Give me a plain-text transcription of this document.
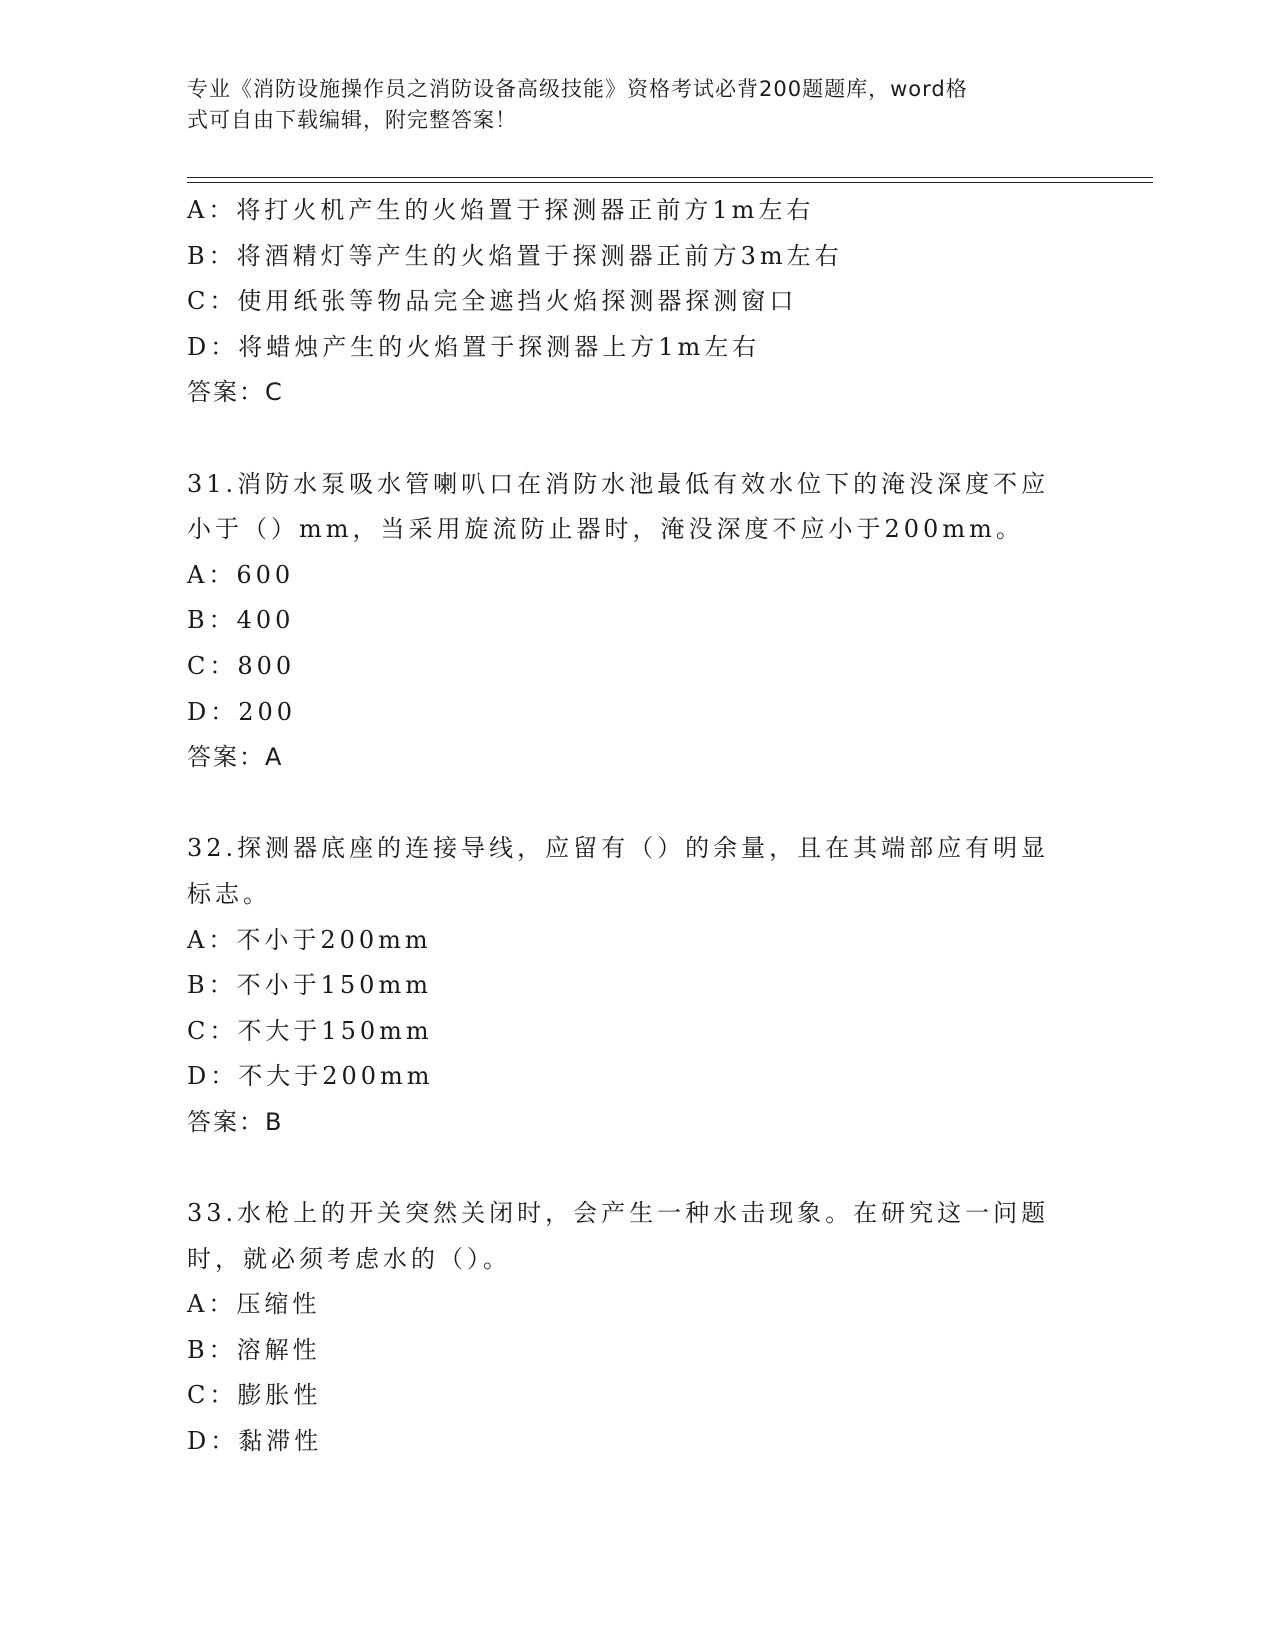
专业《消防设施操作员之消防设备高级技能》资格考试必背200题题库，word格
式可自由下载编辑，附完整答案！
A：将打火机产生的火焰置于探测器正前方1m左右
B：将酒精灯等产生的火焰置于探测器正前方3m左右
C：使用纸张等物品完全遮挡火焰探测器探测窗口
D：将蜡烛产生的火焰置于探测器上方1m左右
答案：C
31.消防水泵吸水管喇叭口在消防水池最低有效水位下的淹没深度不应
小于（）mm，当采用旋流防止器时，淹没深度不应小于200mm。
A：600
B：400
C：800
D：200
答案：A
32.探测器底座的连接导线，应留有（）的余量，且在其端部应有明显
标志。
A：不小于200mm
B：不小于150mm
C：不大于150mm
D：不大于200mm
答案：B
33.水枪上的开关突然关闭时，会产生一种水击现象。在研究这一问题
时，就必须考虑水的（）。
A：压缩性
B：溶解性
C：膨胀性
D：黏滞性
